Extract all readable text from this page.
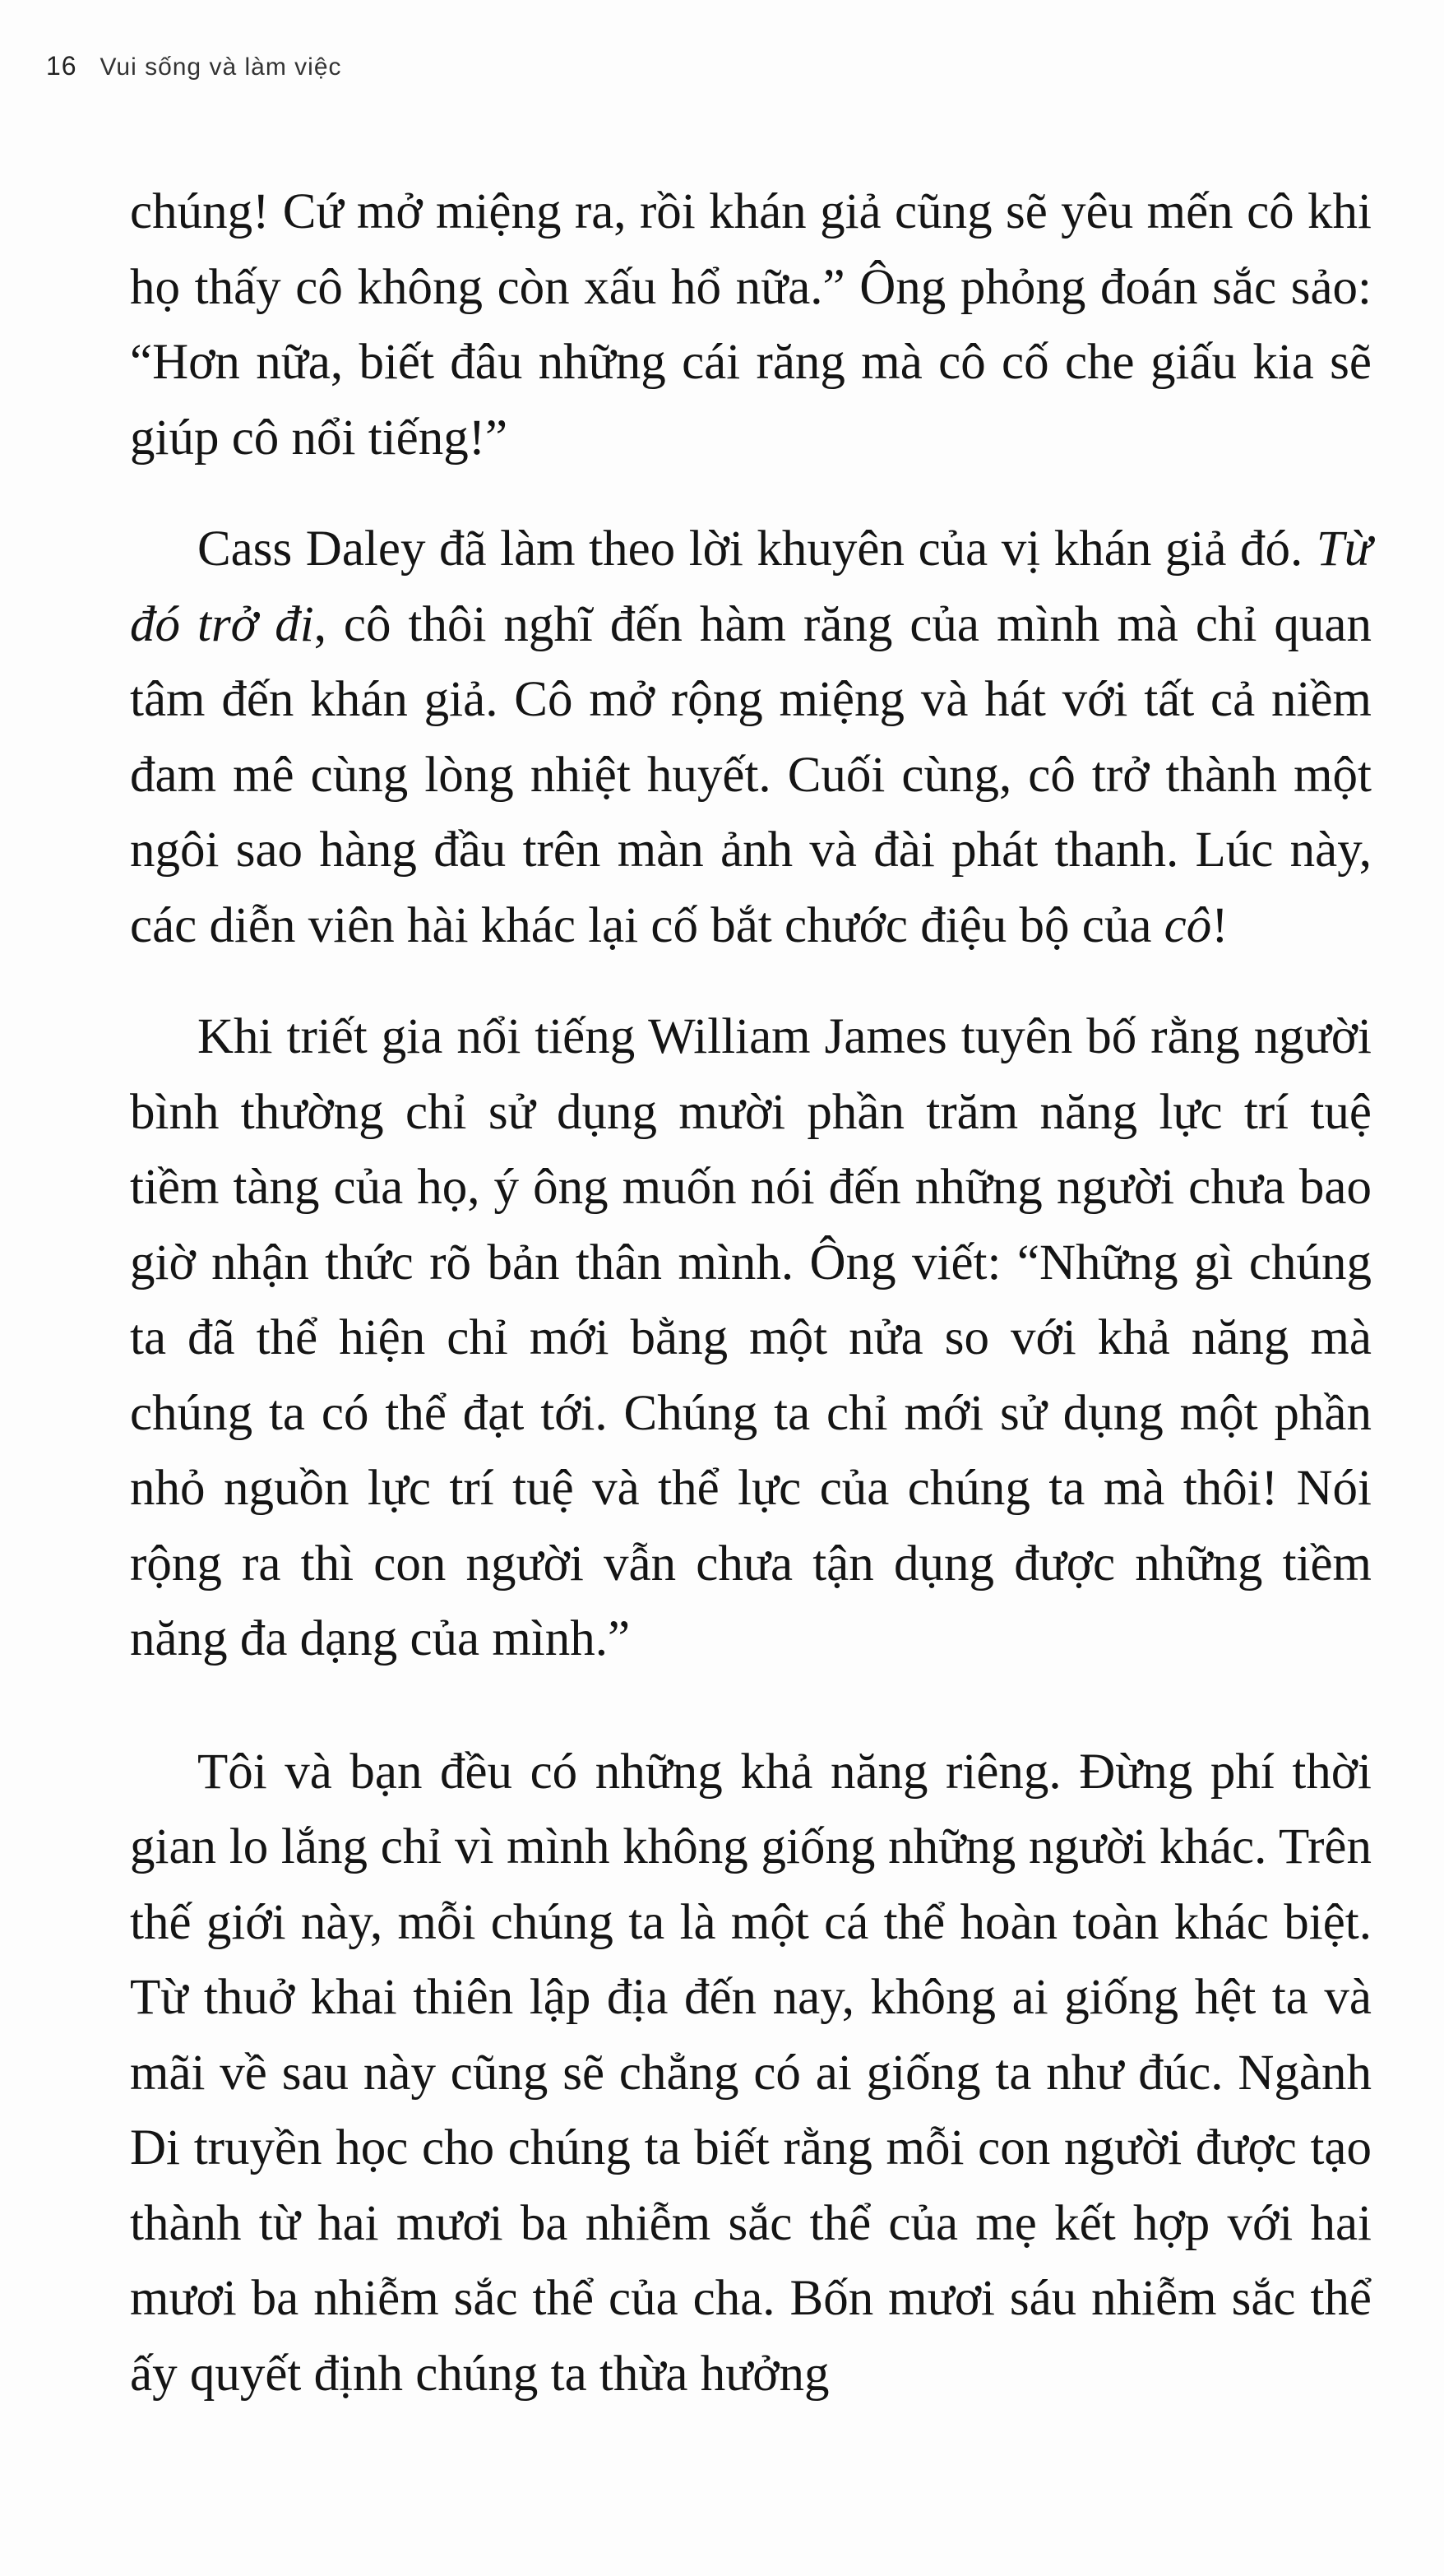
16 Vui sống và làm việc

chúng! Cứ mở miệng ra, rồi khán giả cũng sẽ yêu mến cô khi họ thấy cô không còn xấu hổ nữa.” Ông phỏng đoán sắc sảo: “Hơn nữa, biết đâu những cái răng mà cô cố che giấu kia sẽ giúp cô nổi tiếng!”

Cass Daley đã làm theo lời khuyên của vị khán giả đó. Từ đó trở đi, cô thôi nghĩ đến hàm răng của mình mà chỉ quan tâm đến khán giả. Cô mở rộng miệng và hát với tất cả niềm đam mê cùng lòng nhiệt huyết. Cuối cùng, cô trở thành một ngôi sao hàng đầu trên màn ảnh và đài phát thanh. Lúc này, các diễn viên hài khác lại cố bắt chước điệu bộ của cô!

Khi triết gia nổi tiếng William James tuyên bố rằng người bình thường chỉ sử dụng mười phần trăm năng lực trí tuệ tiềm tàng của họ, ý ông muốn nói đến những người chưa bao giờ nhận thức rõ bản thân mình. Ông viết: “Những gì chúng ta đã thể hiện chỉ mới bằng một nửa so với khả năng mà chúng ta có thể đạt tới. Chúng ta chỉ mới sử dụng một phần nhỏ nguồn lực trí tuệ và thể lực của chúng ta mà thôi! Nói rộng ra thì con người vẫn chưa tận dụng được những tiềm năng đa dạng của mình.”

Tôi và bạn đều có những khả năng riêng. Đừng phí thời gian lo lắng chỉ vì mình không giống những người khác. Trên thế giới này, mỗi chúng ta là một cá thể hoàn toàn khác biệt. Từ thuở khai thiên lập địa đến nay, không ai giống hệt ta và mãi về sau này cũng sẽ chẳng có ai giống ta như đúc. Ngành Di truyền học cho chúng ta biết rằng mỗi con người được tạo thành từ hai mươi ba nhiễm sắc thể của mẹ kết hợp với hai mươi ba nhiễm sắc thể của cha. Bốn mươi sáu nhiễm sắc thể ấy quyết định chúng ta thừa hưởng
